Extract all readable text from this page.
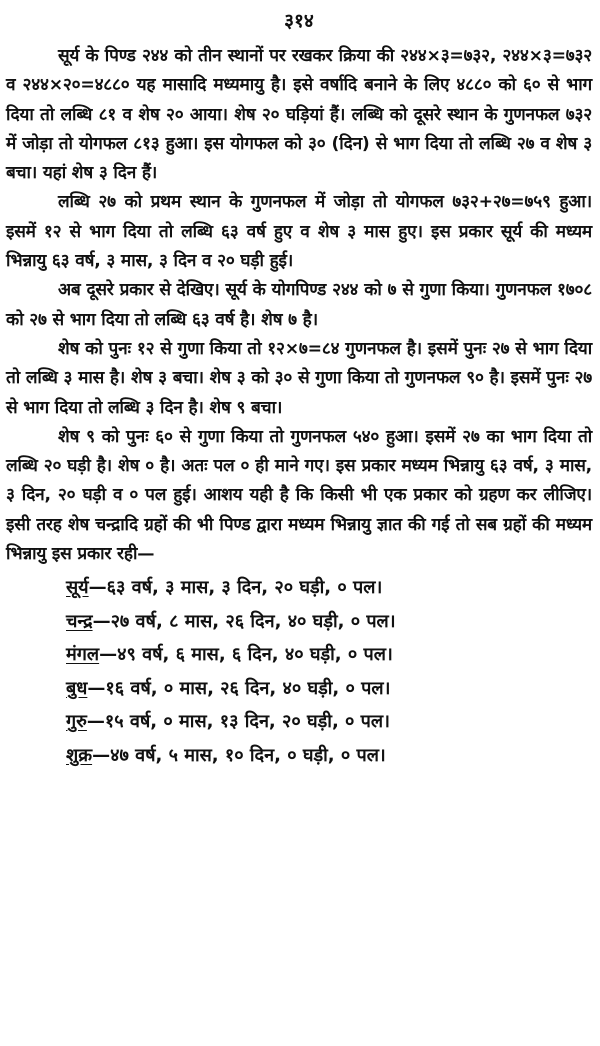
३१४

सूर्य के पिण्ड २४४ को तीन स्थानों पर रखकर क्रिया की २४४×३=७३२, २४४×३=७३२ व २४४×२०=४८८० यह मासादि मध्यमायु है। इसे वर्षादि बनाने के लिए ४८८० को ६० से भाग दिया तो लब्धि ८१ व शेष २० आया। शेष २० घड़ियां हैं। लब्धि को दूसरे स्थान के गुणनफल ७३२ में जोड़ा तो योगफल ८१३ हुआ। इस योगफल को ३० (दिन) से भाग दिया तो लब्धि २७ व शेष ३ बचा। यहां शेष ३ दिन हैं।

लब्धि २७ को प्रथम स्थान के गुणनफल में जोड़ा तो योगफल ७३२+२७=७५९ हुआ। इसमें १२ से भाग दिया तो लब्धि ६३ वर्ष हुए व शेष ३ मास हुए। इस प्रकार सूर्य की मध्यम भिन्नायु ६३ वर्ष, ३ मास, ३ दिन व २० घड़ी हुई।

अब दूसरे प्रकार से देखिए। सूर्य के योगपिण्ड २४४ को ७ से गुणा किया। गुणनफल १७०८ को २७ से भाग दिया तो लब्धि ६३ वर्ष है। शेष ७ है।

शेष को पुनः १२ से गुणा किया तो १२×७=८४ गुणनफल है। इसमें पुनः २७ से भाग दिया तो लब्धि ३ मास है। शेष ३ बचा। शेष ३ को ३० से गुणा किया तो गुणनफल ९० है। इसमें पुनः २७ से भाग दिया तो लब्धि ३ दिन है। शेष ९ बचा।

शेष ९ को पुनः ६० से गुणा किया तो गुणनफल ५४० हुआ। इसमें २७ का भाग दिया तो लब्धि २० घड़ी है। शेष ० है। अतः पल ० ही माने गए। इस प्रकार मध्यम भिन्नायु ६३ वर्ष, ३ मास, ३ दिन, २० घड़ी व ० पल हुई। आशय यही है कि किसी भी एक प्रकार को ग्रहण कर लीजिए। इसी तरह शेष चन्द्रादि ग्रहों की भी पिण्ड द्वारा मध्यम भिन्नायु ज्ञात की गई तो सब ग्रहों की मध्यम भिन्नायु इस प्रकार रही—

सूर्य—६३ वर्ष, ३ मास, ३ दिन, २० घड़ी, ० पल।
चन्द्र—२७ वर्ष, ८ मास, २६ दिन, ४० घड़ी, ० पल।
मंगल—४९ वर्ष, ६ मास, ६ दिन, ४० घड़ी, ० पल।
बुध—१६ वर्ष, ० मास, २६ दिन, ४० घड़ी, ० पल।
गुरु—१५ वर्ष, ० मास, १३ दिन, २० घड़ी, ० पल।
शुक्र—४७ वर्ष, ५ मास, १० दिन, ० घड़ी, ० पल।
